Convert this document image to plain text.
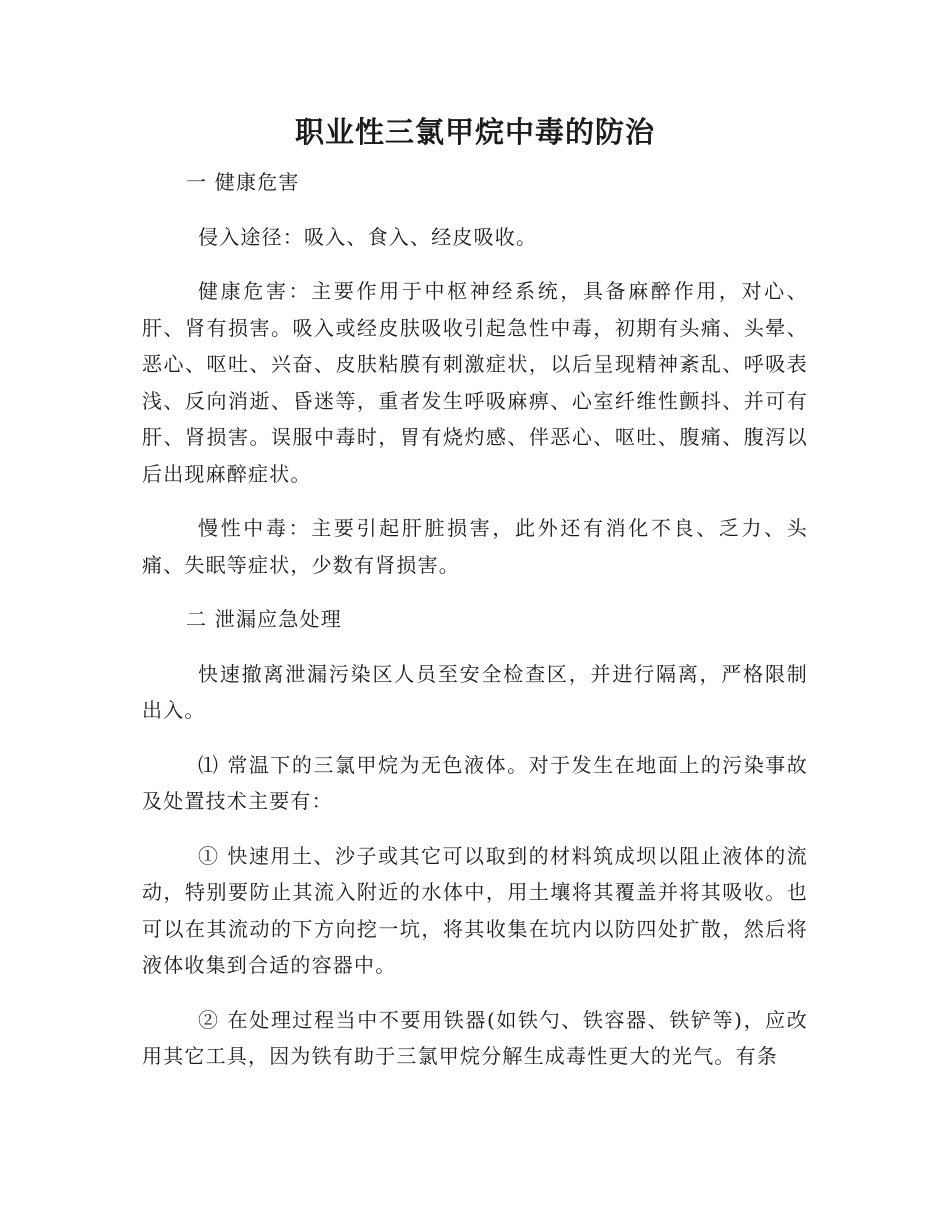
职业性三氯甲烷中毒的防治

一 健康危害

侵入途径：吸入、食入、经皮吸收。

健康危害：主要作用于中枢神经系统，具备麻醉作用，对心、肝、肾有损害。吸入或经皮肤吸收引起急性中毒，初期有头痛、头晕、恶心、呕吐、兴奋、皮肤粘膜有刺激症状，以后呈现精神紊乱、呼吸表浅、反向消逝、昏迷等，重者发生呼吸麻痹、心室纤维性颤抖、并可有肝、肾损害。误服中毒时，胃有烧灼感、伴恶心、呕吐、腹痛、腹泻以后出现麻醉症状。

慢性中毒：主要引起肝脏损害，此外还有消化不良、乏力、头痛、失眠等症状，少数有肾损害。

二 泄漏应急处理

快速撤离泄漏污染区人员至安全检查区，并进行隔离，严格限制出入。

⑴ 常温下的三氯甲烷为无色液体。对于发生在地面上的污染事故及处置技术主要有：

① 快速用土、沙子或其它可以取到的材料筑成坝以阻止液体的流动，特别要防止其流入附近的水体中，用土壤将其覆盖并将其吸收。也可以在其流动的下方向挖一坑，将其收集在坑内以防四处扩散，然后将液体收集到合适的容器中。

② 在处理过程当中不要用铁器(如铁勺、铁容器、铁铲等)，应改用其它工具，因为铁有助于三氯甲烷分解生成毒性更大的光气。有条
